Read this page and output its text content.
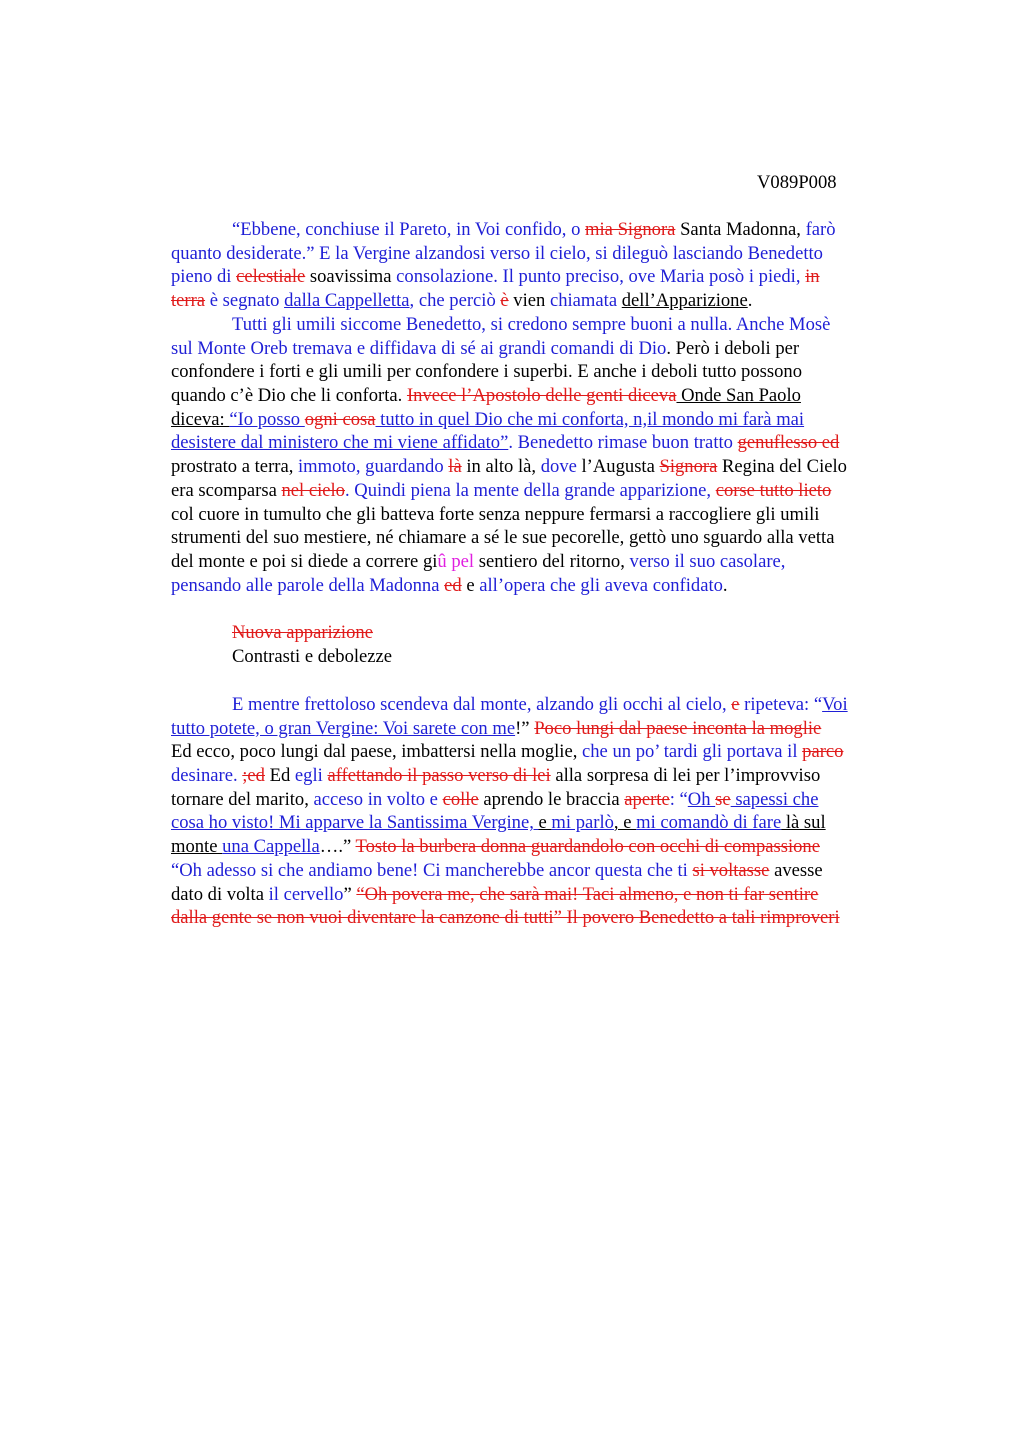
V089P008
“Ebbene, conchiuse il Pareto, in Voi confido, o mia Signora Santa Madonna, farò
quanto desiderate.” E la Vergine alzandosi verso il cielo, si dileguò lasciando Benedetto
pieno di celestiale soavissima consolazione. Il punto preciso, ove Maria posò i piedi, in
terra è segnato dalla Cappelletta, che perciò è vien chiamata dell’Apparizione.
Tutti gli umili siccome Benedetto, si credono sempre buoni a nulla. Anche Mosè
sul Monte Oreb tremava e diffidava di sé ai grandi comandi di Dio. Però i deboli per
confondere i forti e gli umili per confondere i superbi. E anche i deboli tutto possono
quando c’è Dio che li conforta. Invece l’Apostolo delle genti diceva Onde San Paolo
diceva: “Io posso ogni cosa tutto in quel Dio che mi conforta, n,il mondo mi farà mai
desistere dal ministero che mi viene affidato”. Benedetto rimase buon tratto genuflesso ed
prostrato a terra, immoto, guardando là in alto là, dove l’Augusta Signora Regina del Cielo
era scomparsa nel cielo. Quindi piena la mente della grande apparizione, corse tutto lieto
col cuore in tumulto che gli batteva forte senza neppure fermarsi a raccogliere gli umili
strumenti del suo mestiere, né chiamare a sé le sue pecorelle, gettò uno sguardo alla vetta
del monte e poi si diede a correre giû pel sentiero del ritorno, verso il suo casolare,
pensando alle parole della Madonna ed e all’opera che gli aveva confidato.
Nuova apparizione
Contrasti e debolezze
E mentre frettoloso scendeva dal monte, alzando gli occhi al cielo, e ripeteva: “Voi
tutto potete, o gran Vergine: Voi sarete con me!” Poco lungi dal paese inconta la moglie
Ed ecco, poco lungi dal paese, imbattersi nella moglie, che un po’ tardi gli portava il parco
desinare. ;ed Ed egli affettando il passo verso di lei alla sorpresa di lei per l’improvviso
tornare del marito, acceso in volto e colle aprendo le braccia aperte: “Oh se sapessi che
cosa ho visto! Mi apparve la Santissima Vergine, e mi parlò, e mi comandò di fare là sul
monte una Cappella….” Tosto la burbera donna guardandolo con occhi di compassione
“Oh adesso si che andiamo bene! Ci mancherebbe ancor questa che ti si voltasse avesse
dato di volta il cervello” “Oh povera me, che sarà mai! Taci almeno, e non ti far sentire
dalla gente se non vuoi diventare la canzone di tutti” Il povero Benedetto a tali rimproveri
